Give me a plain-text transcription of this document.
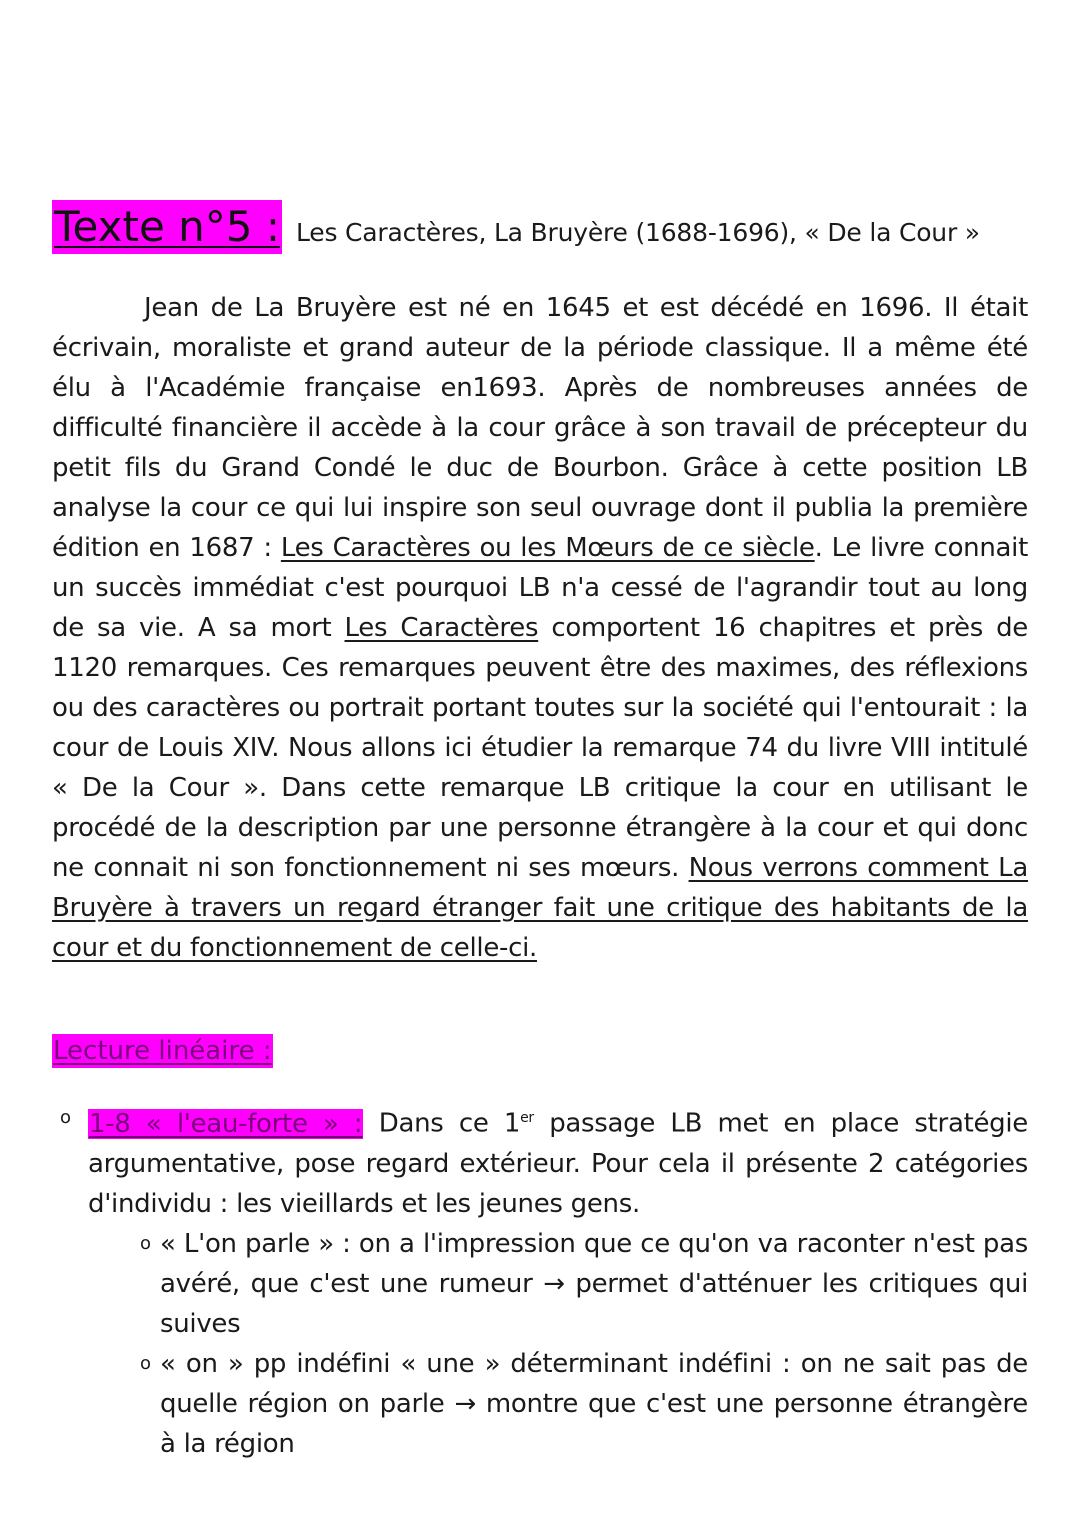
Texte n°5 : Les Caractères, La Bruyère (1688-1696), « De la Cour »

Jean de La Bruyère est né en 1645 et est décédé en 1696. Il était écrivain, moraliste et grand auteur de la période classique. Il a même été élu à l'Académie française en1693. Après de nombreuses années de difficulté financière il accède à la cour grâce à son travail de précepteur du petit fils du Grand Condé le duc de Bourbon. Grâce à cette position LB analyse la cour ce qui lui inspire son seul ouvrage dont il publia la première édition en 1687 : Les Caractères ou les Mœurs de ce siècle. Le livre connait un succès immédiat c'est pourquoi LB n'a cessé de l'agrandir tout au long de sa vie. A sa mort Les Caractères comportent 16 chapitres et près de 1120 remarques. Ces remarques peuvent être des maximes, des réflexions ou des caractères ou portrait portant toutes sur la société qui l'entourait : la cour de Louis XIV. Nous allons ici étudier la remarque 74 du livre VIII intitulé « De la Cour ». Dans cette remarque LB critique la cour en utilisant le procédé de la description par une personne étrangère à la cour et qui donc ne connait ni son fonctionnement ni ses mœurs. Nous verrons comment La Bruyère à travers un regard étranger fait une critique des habitants de la cour et du fonctionnement de celle-ci.

Lecture linéaire :
o 1-8 « l'eau-forte » : Dans ce 1er passage LB met en place stratégie argumentative, pose regard extérieur. Pour cela il présente 2 catégories d'individu : les vieillards et les jeunes gens.
o « L'on parle » : on a l'impression que ce qu'on va raconter n'est pas avéré, que c'est une rumeur → permet d'atténuer les critiques qui suives
o « on » pp indéfini « une » déterminant indéfini : on ne sait pas de quelle région on parle → montre que c'est une personne étrangère à la région
